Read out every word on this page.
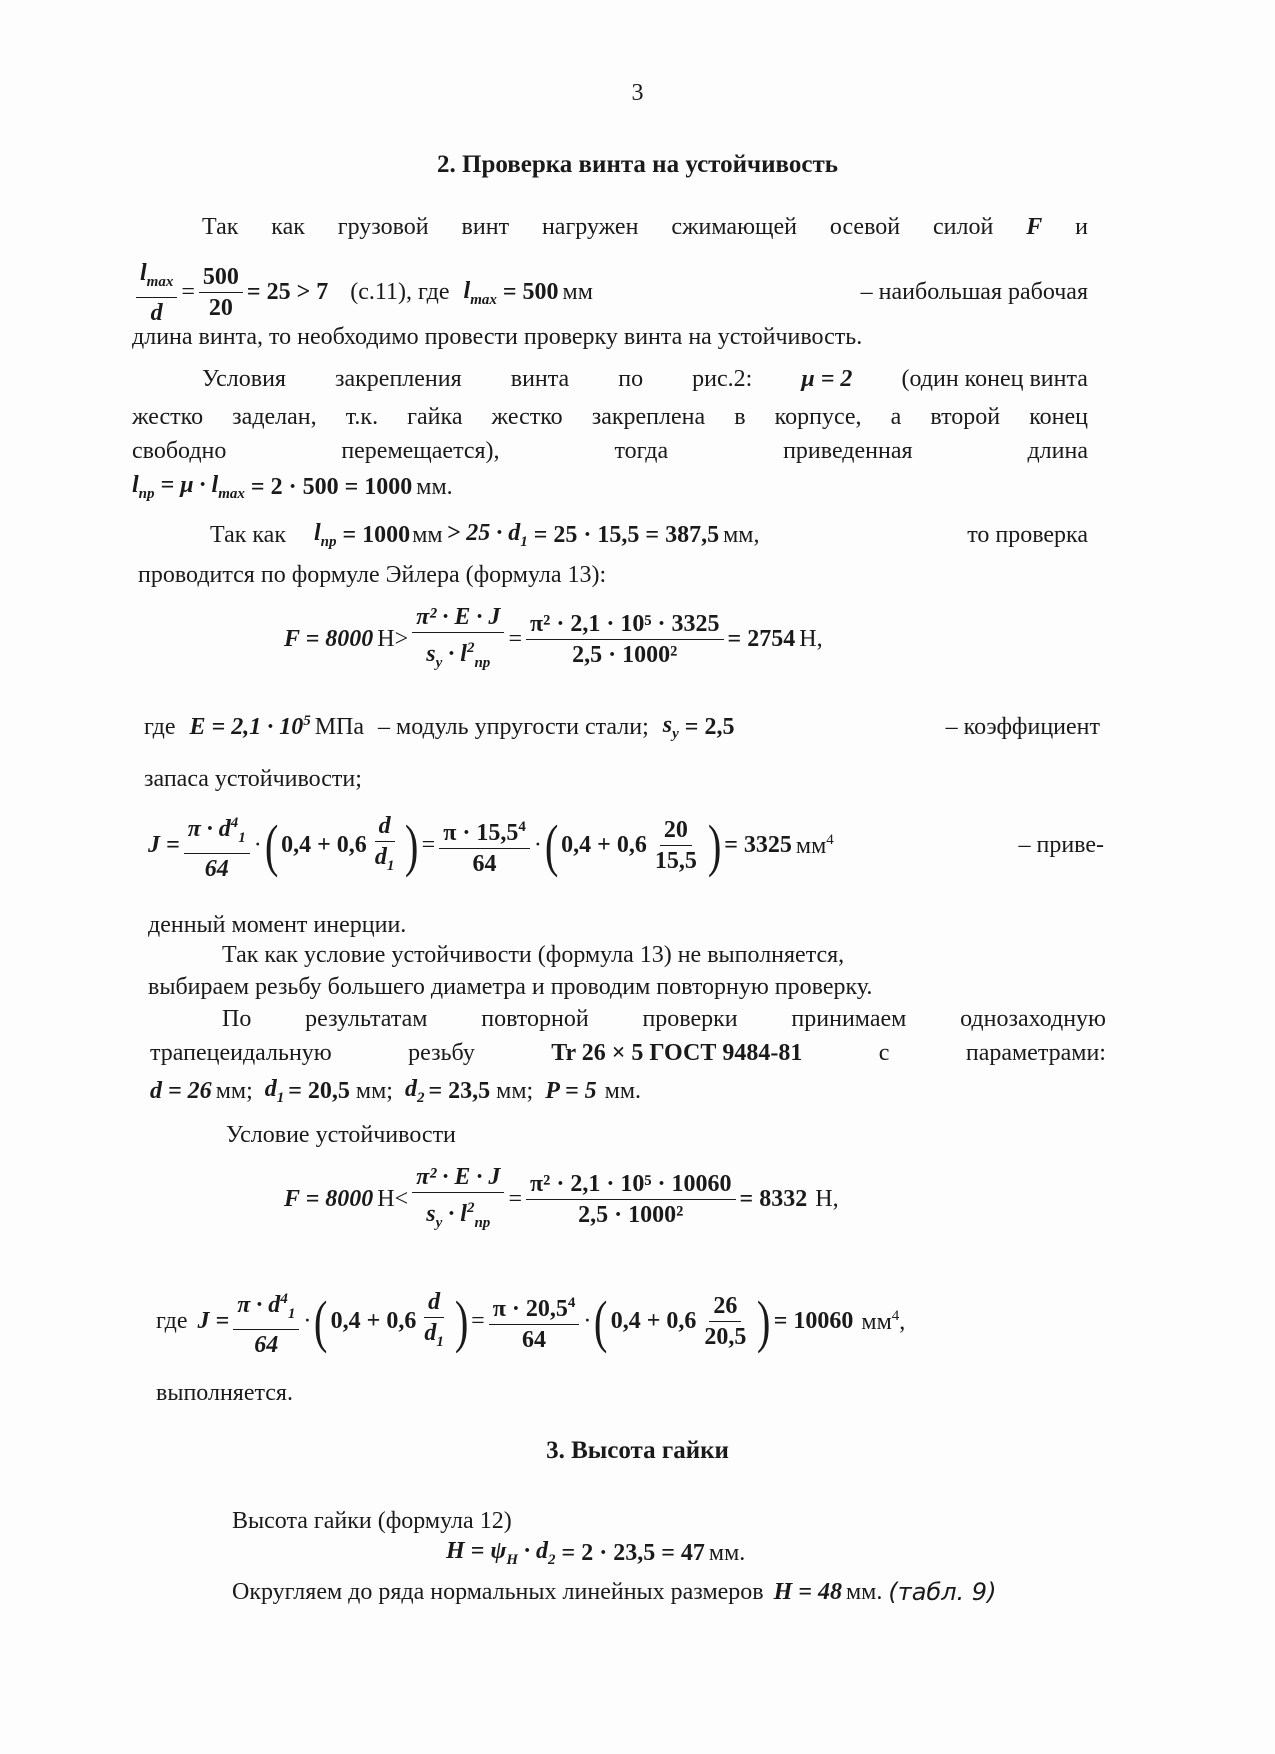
3
2. Проверка винта на устойчивость
Так как грузовой винт нагружен сжимающей осевой силой F и
$\frac{l_{max}}{d} = \frac{500}{20} = 25 > 7$ (с.11), где $l_{max} = 500$ мм	– наибольшая рабочая
длина винта, то необходимо провести проверку винта на устойчивость.
Условия закрепления винта по рис.2: μ = 2 (один конец винта
жестко заделан, т.к. гайка жестко закреплена в корпусе, а второй конец
свободно	перемещается),	тогда	приведенная	длина
$l_{np} = \mu \cdot l_{max} = 2 \cdot 500 = 1000$ мм.
Так как $l_{np} = 1000$ мм > $25 \cdot d_1 = 25 \cdot 15,5 = 387,5$ мм,	то проверка
проводится по формуле Эйлера (формула 13):
F = 8000 $Н> \frac{\text{π² · E · J}}{s_y \cdot l^2_{np}} = \frac{\text{π² · 2,1 · 10⁵ · 3325}}{\text{2,5 · 1000²}} = 2754$ Н,
где $E = 2,1 \cdot 10^5$ МПа – модуль упругости стали; $s_y = 2,5$	– коэффициент
запаса устойчивости;
$J = \frac{\pi \cdot d^4_1}{64}$ · ( $0,4 + 0,6 \frac{d}{d_1}$ ) = $\frac{\pi \cdot 15,5^4}{64}$ · ( $0,4 + 0,6 \frac{20}{15,5}$ ) = 3325 $мм^4$	– приве-
денный момент инерции.
Так как условие устойчивости (формула 13) не выполняется,
выбираем резьбу большего диаметра и проводим повторную проверку.
По результатам повторной проверки принимаем однозаходную
трапецеидальную	резьбу	Tr 26 × 5 ГОСТ 9484-81	с	параметрами:
d = 26 мм; $d_1 = 20,5$ мм; $d_2 = 23,5$ мм; P = 5 мм.
Условие устойчивости
F = 8000 $Н< \frac{\text{π² · E · J}}{s_y \cdot l^2_{np}} = \frac{\text{π² · 2,1 · 10⁵ · 10060}}{\text{2,5 · 1000²}} = 8332$ Н,
где $J = \frac{\pi \cdot d^4_1}{64}$ · ( $0,4 + 0,6 \frac{d}{d_1}$ ) = $\frac{\pi \cdot 20,5^4}{64}$ · ( $0,4 + 0,6 \frac{26}{20,5}$ ) = 10060 $мм^4$,
выполняется.
3. Высота гайки
Высота гайки (формула 12)
$H = \psi_H \cdot d_2 = 2 \cdot 23,5 = 47$ мм.
Округляем до ряда нормальных линейных размеров H = 48 мм. (табл. 9)
